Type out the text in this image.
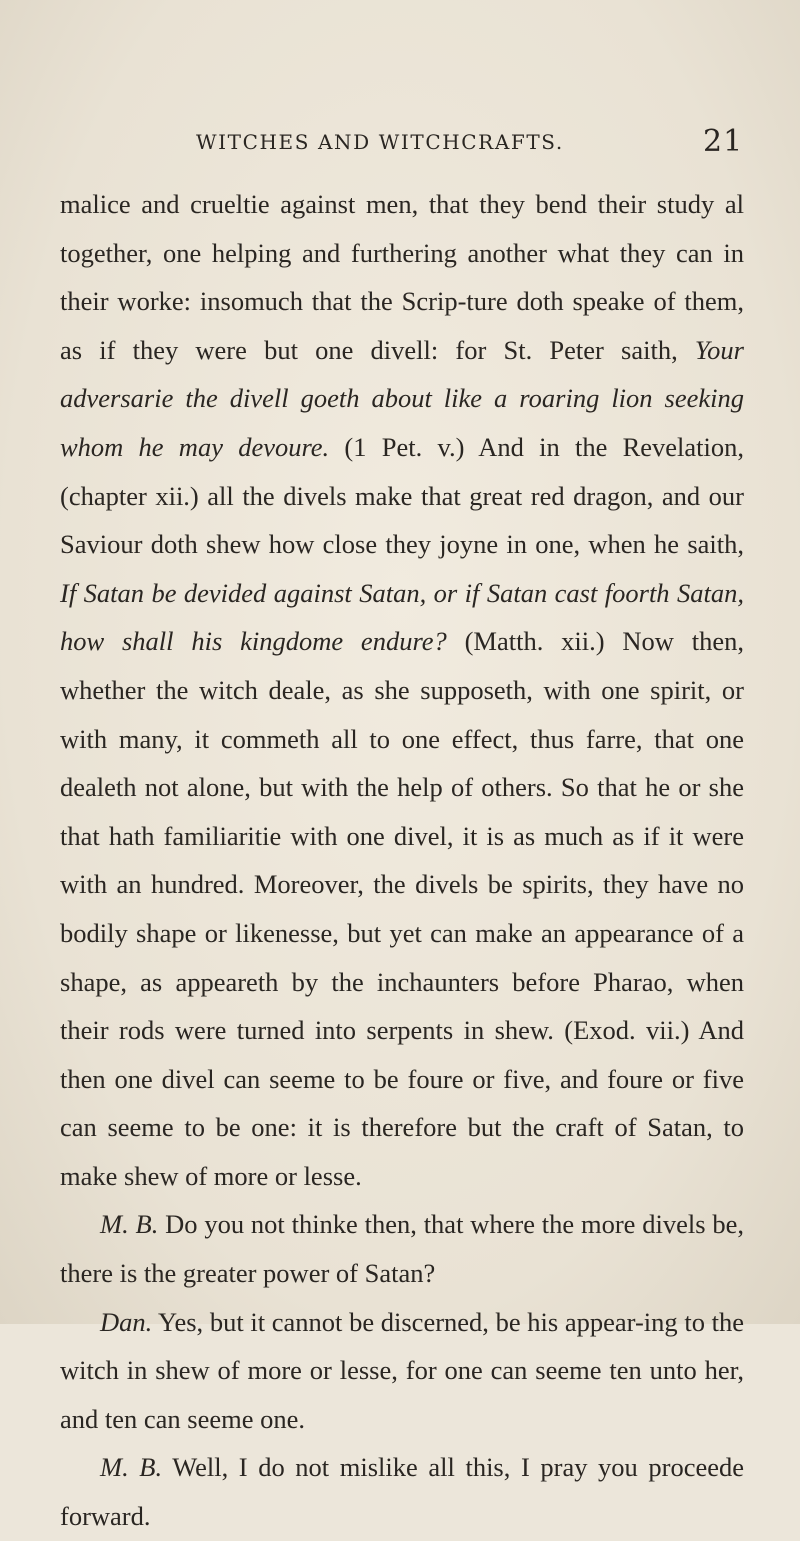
WITCHES AND WITCHCRAFTS.	21

malice and crueltie against men, that they bend their study al together, one helping and furthering another what they can in their worke: insomuch that the Scrip-ture doth speake of them, as if they were but one divell: for St. Peter saith, Your adversarie the divell goeth about like a roaring lion seeking whom he may devoure. (1 Pet. v.) And in the Revelation, (chapter xii.) all the divels make that great red dragon, and our Saviour doth shew how close they joyne in one, when he saith, If Satan be devided against Satan, or if Satan cast foorth Satan, how shall his kingdome endure? (Matth. xii.) Now then, whether the witch deale, as she supposeth, with one spirit, or with many, it commeth all to one effect, thus farre, that one dealeth not alone, but with the help of others. So that he or she that hath familiaritie with one divel, it is as much as if it were with an hundred. Moreover, the divels be spirits, they have no bodily shape or likenesse, but yet can make an appearance of a shape, as appeareth by the inchaunters before Pharao, when their rods were turned into serpents in shew. (Exod. vii.) And then one divel can seeme to be foure or five, and foure or five can seeme to be one: it is therefore but the craft of Satan, to make shew of more or lesse.

M. B. Do you not thinke then, that where the more divels be, there is the greater power of Satan?

Dan. Yes, but it cannot be discerned, be his appear-ing to the witch in shew of more or lesse, for one can seeme ten unto her, and ten can seeme one.

M. B. Well, I do not mislike all this, I pray you proceede forward.
